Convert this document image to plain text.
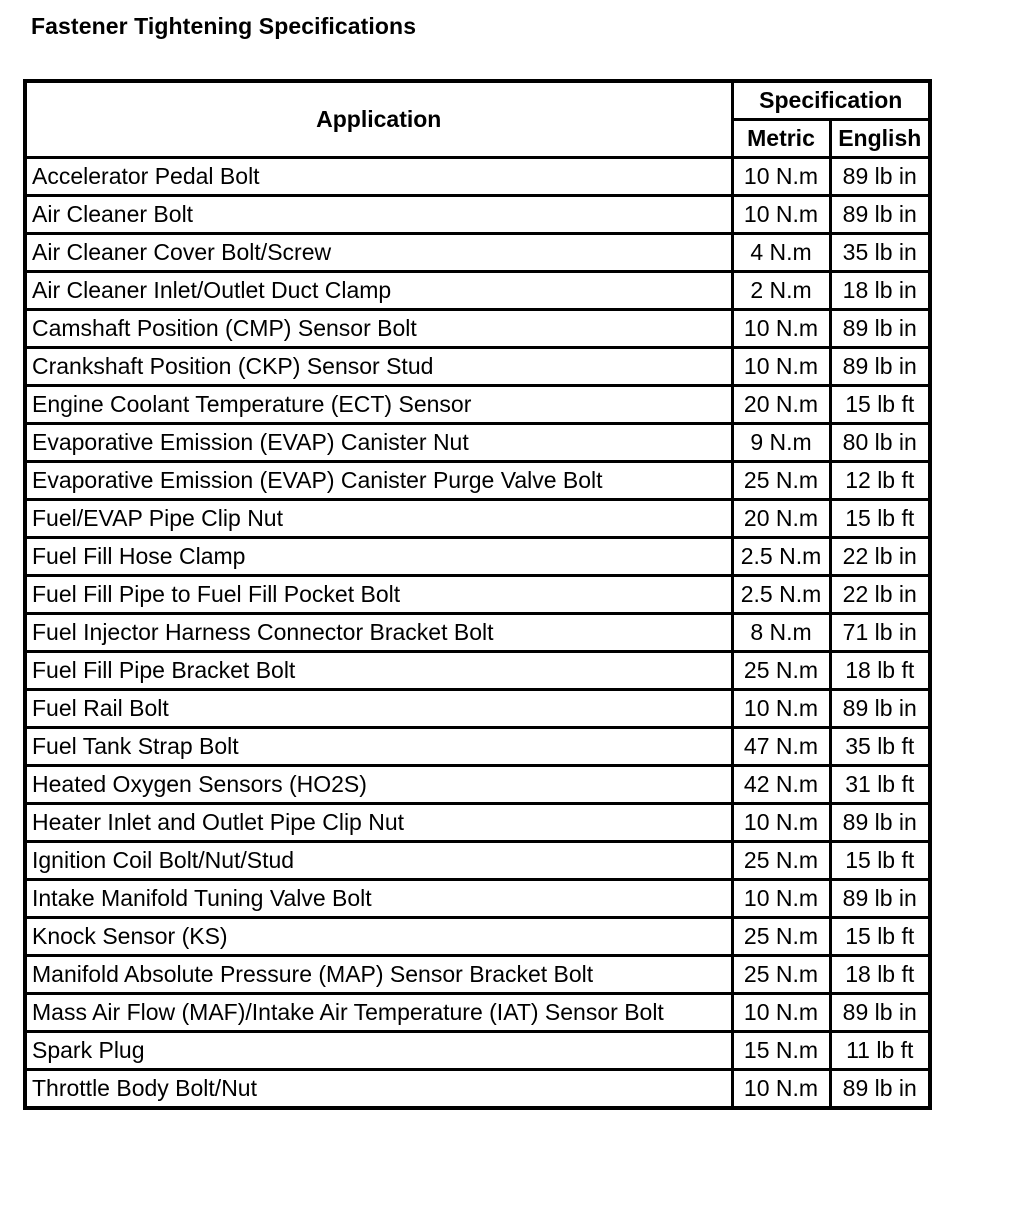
Fastener Tightening Specifications
Application	Specification	
	Metric	English
Accelerator Pedal Bolt	10 N.m	89 lb in
Air Cleaner Bolt	10 N.m	89 lb in
Air Cleaner Cover Bolt/Screw	4 N.m	35 lb in
Air Cleaner Inlet/Outlet Duct Clamp	2 N.m	18 lb in
Camshaft Position (CMP) Sensor Bolt	10 N.m	89 lb in
Crankshaft Position (CKP) Sensor Stud	10 N.m	89 lb in
Engine Coolant Temperature (ECT) Sensor	20 N.m	15 lb ft
Evaporative Emission (EVAP) Canister Nut	9 N.m	80 lb in
Evaporative Emission (EVAP) Canister Purge Valve Bolt	25 N.m	12 lb ft
Fuel/EVAP Pipe Clip Nut	20 N.m	15 lb ft
Fuel Fill Hose Clamp	2.5 N.m	22 lb in
Fuel Fill Pipe to Fuel Fill Pocket Bolt	2.5 N.m	22 lb in
Fuel Injector Harness Connector Bracket Bolt	8 N.m	71 lb in
Fuel Fill Pipe Bracket Bolt	25 N.m	18 lb ft
Fuel Rail Bolt	10 N.m	89 lb in
Fuel Tank Strap Bolt	47 N.m	35 lb ft
Heated Oxygen Sensors (HO2S)	42 N.m	31 lb ft
Heater Inlet and Outlet Pipe Clip Nut	10 N.m	89 lb in
Ignition Coil Bolt/Nut/Stud	25 N.m	15 lb ft
Intake Manifold Tuning Valve Bolt	10 N.m	89 lb in
Knock Sensor (KS)	25 N.m	15 lb ft
Manifold Absolute Pressure (MAP) Sensor Bracket Bolt	25 N.m	18 lb ft
Mass Air Flow (MAF)/Intake Air Temperature (IAT) Sensor Bolt	10 N.m	89 lb in
Spark Plug	15 N.m	11 lb ft
Throttle Body Bolt/Nut	10 N.m	89 lb in
